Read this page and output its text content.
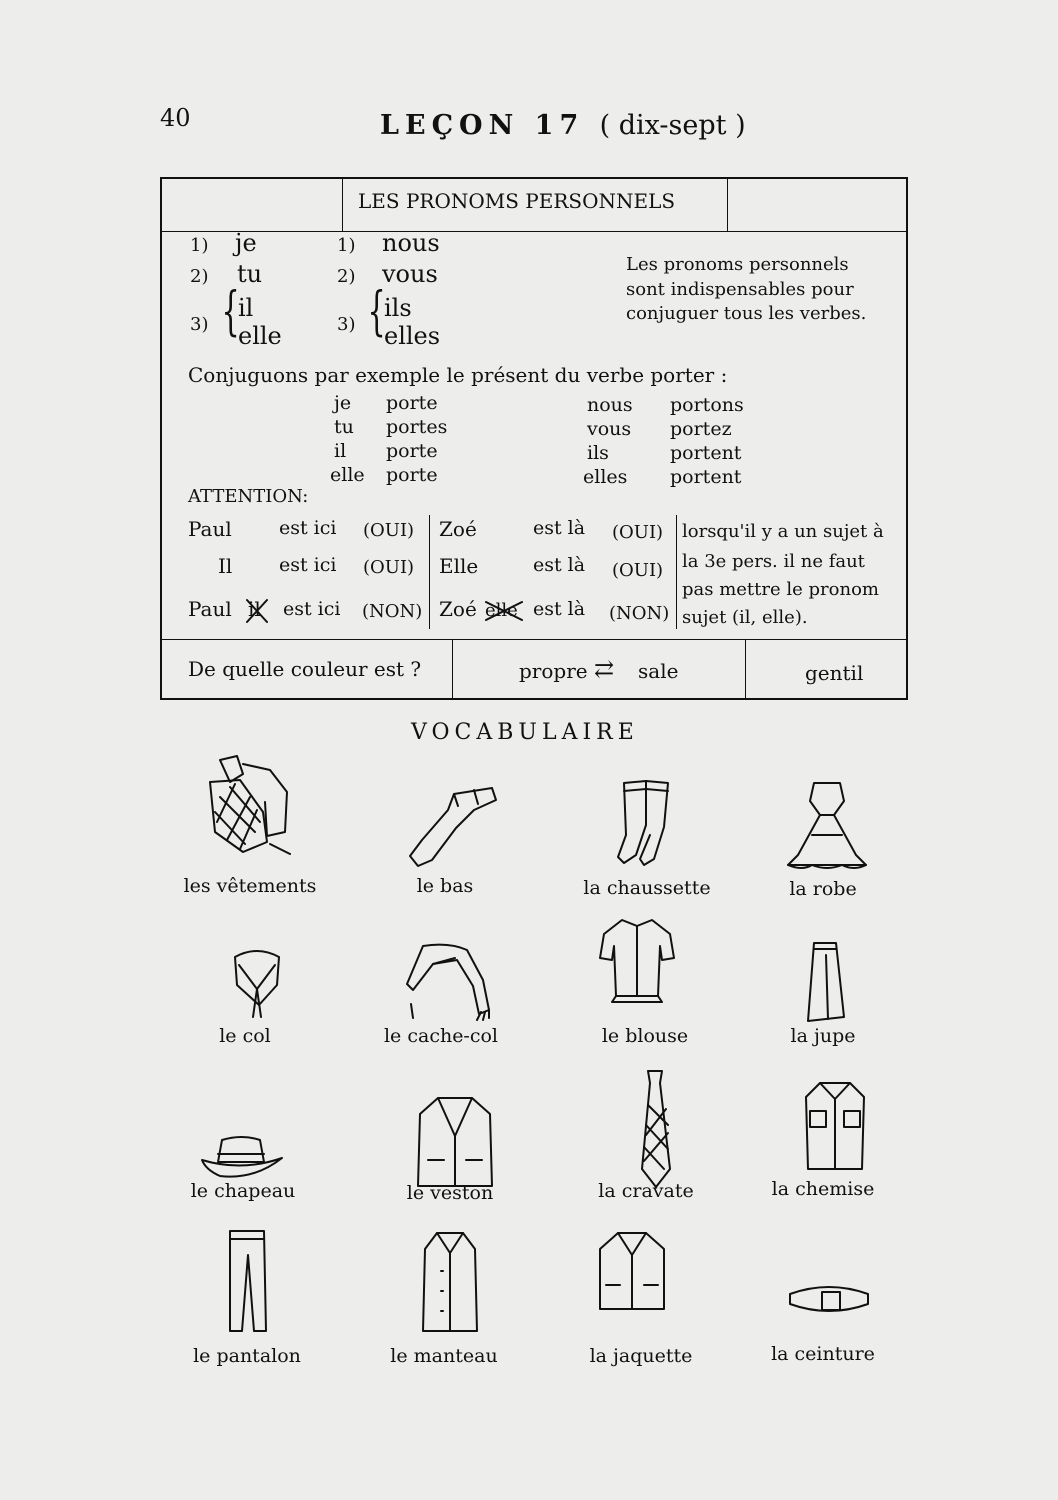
40	LEÇON 17 ( dix-sept )
LES PRONOMS PERSONNELS
1) je
2) tu
3) {
il
elle
1) nous
2) vous
3) {
ils
elles
Les pronoms personnels
sont indispensables pour
conjuguer tous les verbes.
Conjuguons par exemple le présent du verbe porter :
je porte
tu portes
il porte
elle porte
nous portons
vous portez
ils	portent
elles portent
ATTENTION:
Paul est ici (OUI) Zoé	est là (OUI)
Il est ici (OUI) Elle	est là (OUI)
Paul il est ici (NON) Zoé elle est là (NON)
lorsqu'il y a un sujet à
la 3e pers. il ne faut
pas mettre le pronom
sujet (il, elle).
De quelle couleur est ?	propre ⇄ sale	gentil
VOCABULAIRE
les vêtements	le bas	la chaussette	la robe
le col	le cache-col	le blouse	la jupe
le chapeau	le veston	la cravate	la chemise
le pantalon	le manteau	la jaquette	la ceinture
